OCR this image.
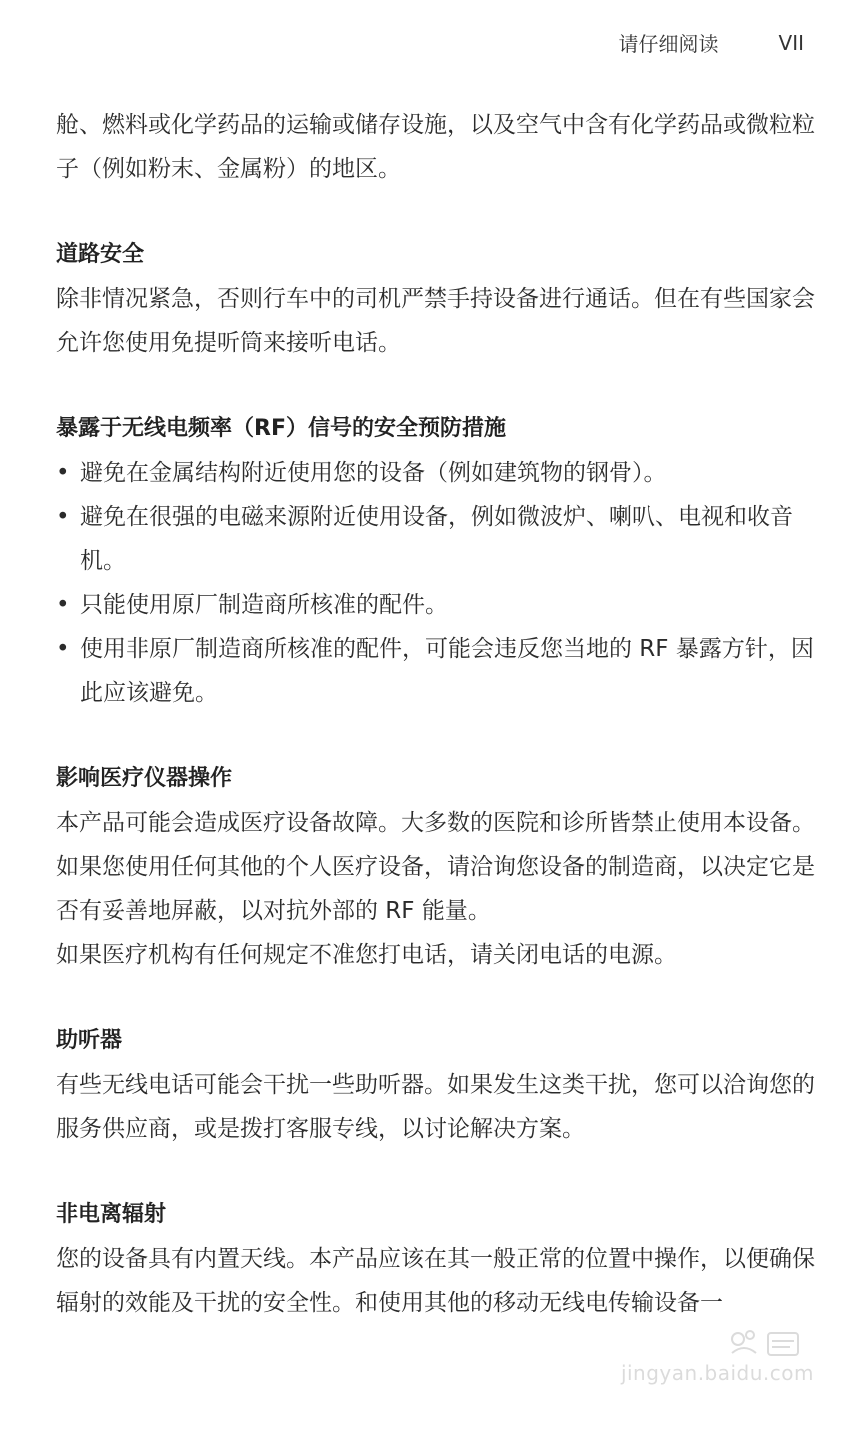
请仔细阅读	VII

舱、燃料或化学药品的运输或储存设施，以及空气中含有化学药品或微粒粒子（例如粉末、金属粉）的地区。

道路安全

除非情况紧急，否则行车中的司机严禁手持设备进行通话。但在有些国家会允许您使用免提听筒来接听电话。

暴露于无线电频率（RF）信号的安全预防措施
• 避免在金属结构附近使用您的设备（例如建筑物的钢骨）。
• 避免在很强的电磁来源附近使用设备，例如微波炉、喇叭、电视和收音机。
• 只能使用原厂制造商所核准的配件。
• 使用非原厂制造商所核准的配件，可能会违反您当地的 RF 暴露方针，因此应该避免。
影响医疗仪器操作

本产品可能会造成医疗设备故障。大多数的医院和诊所皆禁止使用本设备。

如果您使用任何其他的个人医疗设备，请洽询您设备的制造商，以决定它是否有妥善地屏蔽，以对抗外部的 RF 能量。

如果医疗机构有任何规定不准您打电话，请关闭电话的电源。

助听器

有些无线电话可能会干扰一些助听器。如果发生这类干扰，您可以洽询您的服务供应商，或是拨打客服专线，以讨论解决方案。

非电离辐射

您的设备具有内置天线。本产品应该在其一般正常的位置中操作，以便确保辐射的效能及干扰的安全性。和使用其他的移动无线电传输设备一

jingyan.baidu.com
